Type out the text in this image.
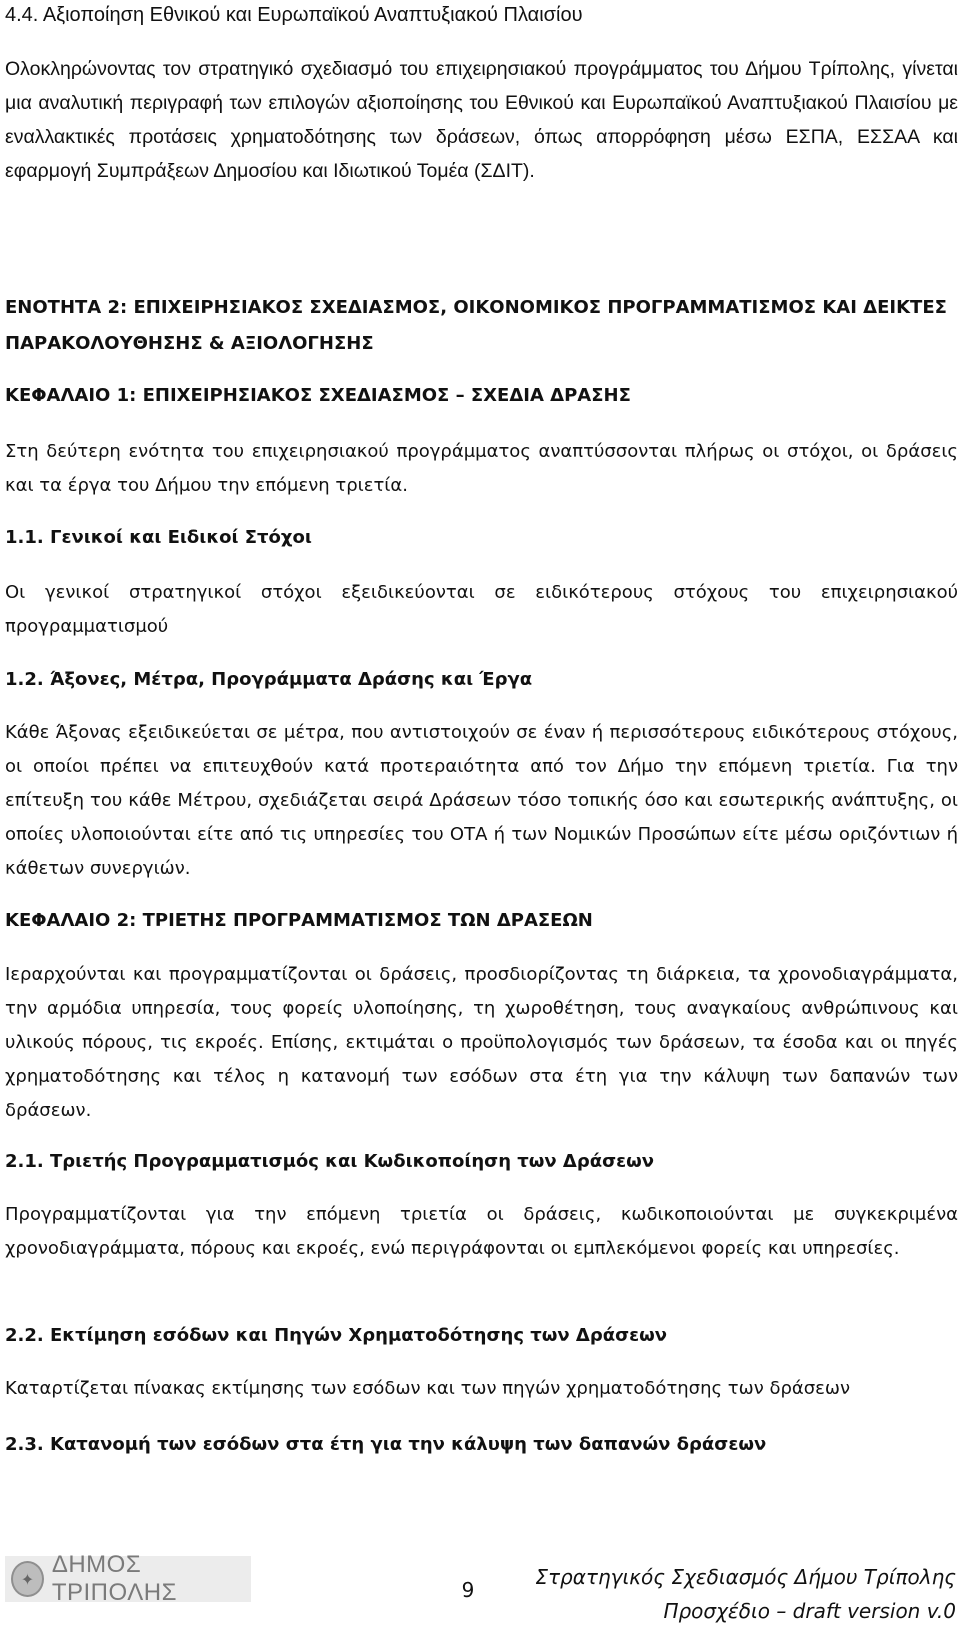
4.4. Αξιοποίηση Εθνικού και Ευρωπαϊκού Αναπτυξιακού Πλαισίου

Ολοκληρώνοντας τον στρατηγικό σχεδιασμό του επιχειρησιακού προγράμματος του Δήμου Τρίπολης, γίνεται μια αναλυτική περιγραφή των επιλογών αξιοποίησης του Εθνικού και Ευρωπαϊκού Αναπτυξιακού Πλαισίου με εναλλακτικές προτάσεις χρηματοδότησης των δράσεων, όπως απορρόφηση μέσω ΕΣΠΑ, ΕΣΣΑΑ και εφαρμογή Συμπράξεων Δημοσίου και Ιδιωτικού Τομέα (ΣΔΙΤ).

ΕΝΟΤΗΤΑ 2: ΕΠΙΧΕΙΡΗΣΙΑΚΟΣ ΣΧΕΔΙΑΣΜΟΣ, ΟΙΚΟΝΟΜΙΚΟΣ ΠΡΟΓΡΑΜΜΑΤΙΣΜΟΣ ΚΑΙ ΔΕΙΚΤΕΣ ΠΑΡΑΚΟΛΟΥΘΗΣΗΣ & ΑΞΙΟΛΟΓΗΣΗΣ

ΚΕΦΑΛΑΙΟ 1: ΕΠΙΧΕΙΡΗΣΙΑΚΟΣ ΣΧΕΔΙΑΣΜΟΣ – ΣΧΕΔΙΑ ΔΡΑΣΗΣ

Στη δεύτερη ενότητα του επιχειρησιακού προγράμματος αναπτύσσονται πλήρως οι στόχοι, οι δράσεις και τα έργα του Δήμου την επόμενη τριετία.

1.1. Γενικοί και Ειδικοί Στόχοι

Οι γενικοί στρατηγικοί στόχοι εξειδικεύονται σε ειδικότερους στόχους του επιχειρησιακού προγραμματισμού

1.2. Άξονες, Μέτρα, Προγράμματα Δράσης και Έργα

Κάθε Άξονας εξειδικεύεται σε μέτρα, που αντιστοιχούν σε έναν ή περισσότερους ειδικότερους στόχους, οι οποίοι πρέπει να επιτευχθούν κατά προτεραιότητα από τον Δήμο την επόμενη τριετία. Για την επίτευξη του κάθε Μέτρου, σχεδιάζεται σειρά Δράσεων τόσο τοπικής όσο και εσωτερικής ανάπτυξης, οι οποίες υλοποιούνται είτε από τις υπηρεσίες του ΟΤΑ ή των Νομικών Προσώπων είτε μέσω οριζόντιων ή κάθετων συνεργιών.

ΚΕΦΑΛΑΙΟ 2: ΤΡΙΕΤΗΣ ΠΡΟΓΡΑΜΜΑΤΙΣΜΟΣ ΤΩΝ ΔΡΑΣΕΩΝ

Ιεραρχούνται και προγραμματίζονται οι δράσεις, προσδιορίζοντας τη διάρκεια, τα χρονοδιαγράμματα, την αρμόδια υπηρεσία, τους φορείς υλοποίησης, τη χωροθέτηση, τους αναγκαίους ανθρώπινους και υλικούς πόρους, τις εκροές. Επίσης, εκτιμάται ο προϋπολογισμός των δράσεων, τα έσοδα και οι πηγές χρηματοδότησης και τέλος η κατανομή των εσόδων στα έτη για την κάλυψη των δαπανών των δράσεων.

2.1. Τριετής Προγραμματισμός και Κωδικοποίηση των Δράσεων

Προγραμματίζονται για την επόμενη τριετία οι δράσεις, κωδικοποιούνται με συγκεκριμένα χρονοδιαγράμματα, πόρους και εκροές, ενώ περιγράφονται οι εμπλεκόμενοι φορείς και υπηρεσίες.

2.2. Εκτίμηση εσόδων και Πηγών Χρηματοδότησης των Δράσεων

Καταρτίζεται πίνακας εκτίμησης των εσόδων και των πηγών χρηματοδότησης των δράσεων

2.3. Κατανομή των εσόδων στα έτη για την κάλυψη των δαπανών δράσεων

✦
ΔΗΜΟΣ ΤΡΙΠΟΛΗΣ	9
Στρατηγικός Σχεδιασμός Δήμου Τρίπολης
Προσχέδιο – draft version v.0
